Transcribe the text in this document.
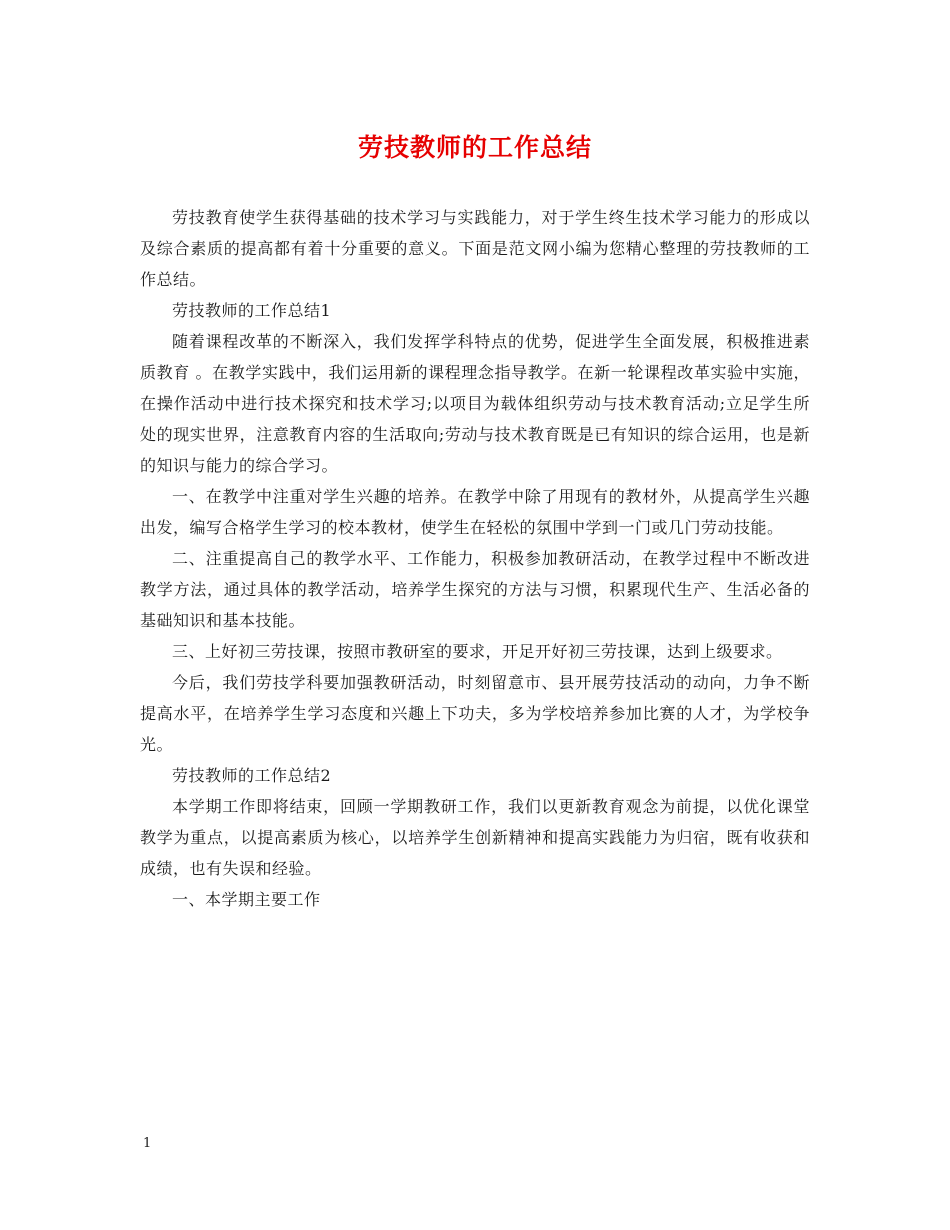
劳技教师的工作总结

劳技教育使学生获得基础的技术学习与实践能力，对于学生终生技术学习能力的形成以及综合素质的提高都有着十分重要的意义。下面是范文网小编为您精心整理的劳技教师的工作总结。

劳技教师的工作总结1

随着课程改革的不断深入，我们发挥学科特点的优势，促进学生全面发展，积极推进素质教育 。在教学实践中，我们运用新的课程理念指导教学。在新一轮课程改革实验中实施， 在操作活动中进行技术探究和技术学习;以项目为载体组织劳动与技术教育活动;立足学生所处的现实世界，注意教育内容的生活取向;劳动与技术教育既是已有知识的综合运用，也是新的知识与能力的综合学习。

一、在教学中注重对学生兴趣的培养。在教学中除了用现有的教材外，从提高学生兴趣出发，编写合格学生学习的校本教材，使学生在轻松的氛围中学到一门或几门劳动技能。

二、注重提高自己的教学水平、工作能力，积极参加教研活动，在教学过程中不断改进教学方法，通过具体的教学活动，培养学生探究的方法与习惯，积累现代生产、生活必备的基础知识和基本技能。

三、上好初三劳技课，按照市教研室的要求，开足开好初三劳技课，达到上级要求。

今后，我们劳技学科要加强教研活动，时刻留意市、县开展劳技活动的动向，力争不断提高水平，在培养学生学习态度和兴趣上下功夫，多为学校培养参加比赛的人才，为学校争光。

劳技教师的工作总结2

本学期工作即将结束，回顾一学期教研工作，我们以更新教育观念为前提，以优化课堂教学为重点，以提高素质为核心，以培养学生创新精神和提高实践能力为归宿，既有收获和成绩，也有失误和经验。

一、本学期主要工作

1
